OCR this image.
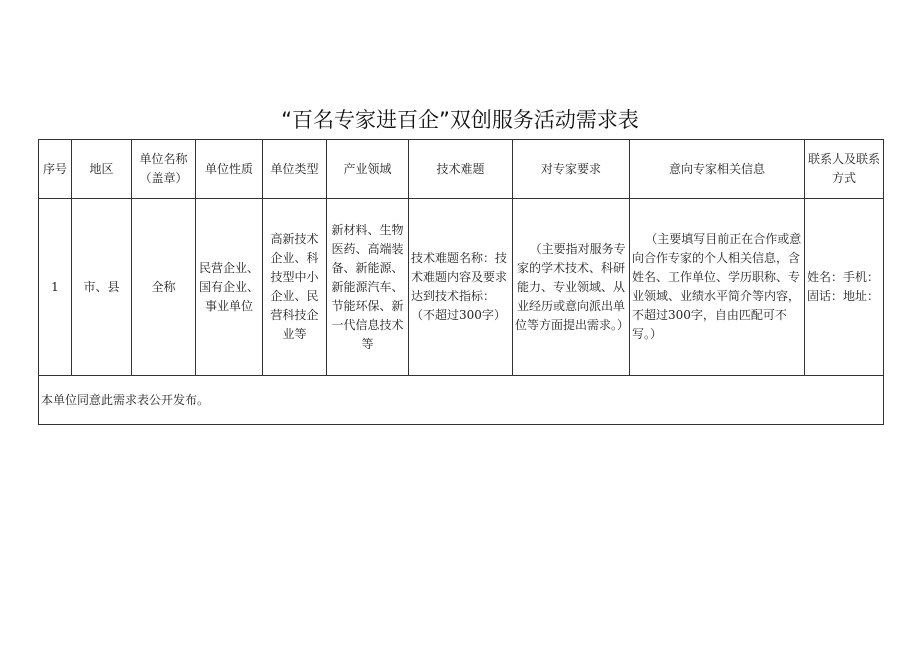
“百名专家进百企”双创服务活动需求表
序号	地区	单位名称（盖章）	单位性质	单位类型	产业领域	技术难题	对专家要求	意向专家相关信息	联系人及联系方式
1	市、县	全称	民营企业、国有企业、事业单位	高新技术企业、科技型中小企业、民营科技企业等	新材料、生物医药、高端装备、新能源、新能源汽车、节能环保、新一代信息技术等	技术难题名称：技术难题内容及要求达到技术指标：（不超过300字）	（主要指对服务专家的学术技术、科研能力、专业领域、从业经历或意向派出单位等方面提出需求。）	（主要填写目前正在合作或意向合作专家的个人相关信息，含姓名、工作单位、学历职称、专业领域、业绩水平简介等内容，不超过300字，自由匹配可不写。）	姓名：手机：固话：地址：
本单位同意此需求表公开发布。									
